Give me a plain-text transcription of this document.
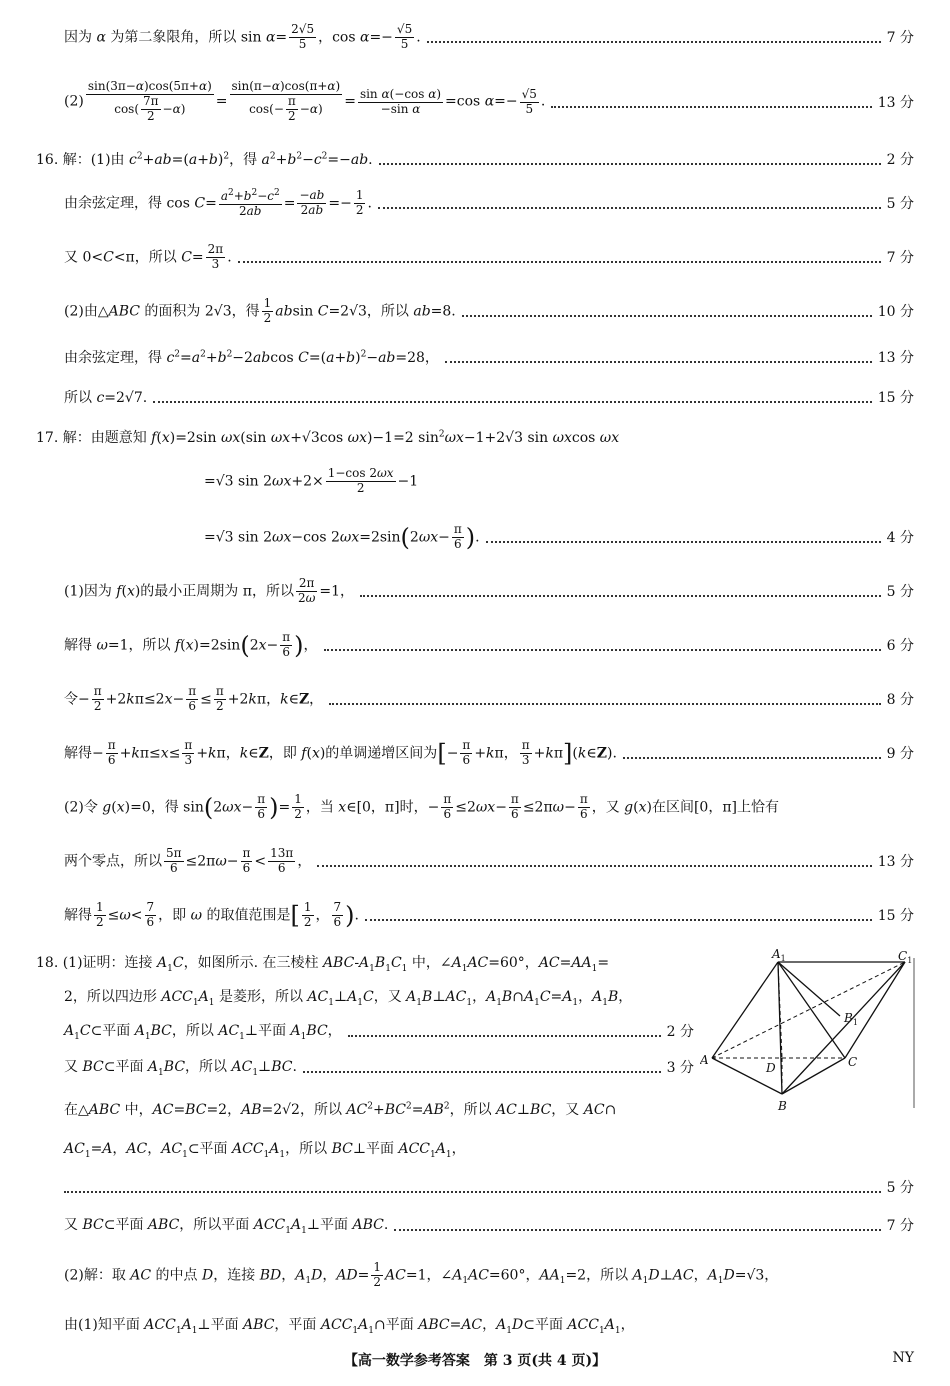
因为 α 为第二象限角，所以 $\sin \alpha= \frac{2√5}{5}$ ，$\cos \alpha=- \frac{√5}{5}$ .	7 分
$(2) \frac{\sin(3\pi-\alpha)\cos(5\pi+\alpha)}{\cos( \frac{7\pi}{2} -\alpha)} = \frac{\sin(\pi-\alpha)\cos(\pi+\alpha)}{\cos(- \frac{\pi}{2} -\alpha)} = \frac{\text{sin α(−cos α)}}{\text{−sin α}} =\cos$ $\alpha=- \frac{√5}{5}$ .	13 分
16. 解：(1)由 $c^2+ab=(a+b)^2$，得 $a^2+b^2-c^2=-ab$.	2 分
由余弦定理，得 $\cos C= \frac{a^2+b^2-c^2}{2ab} = \frac{-ab}{2ab} =- \frac{1}{2}$ .	5 分
又 0<C<π，所以 $C= \frac{2\pi}{3}$ .	7 分
(2)由△ABC 的面积为 2√3，得 $\frac{1}{2}$ absin C=2√3，所以 ab=8.	10 分
由余弦定理，得 $c^2=a^2+b^2-2abcos$ $C=(a+b)^2-ab=28$，	13 分
所以 c=2√7.	15 分
17. 解：由题意知 f(x)=2sin ωx(sin ωx+√3cos ωx)−1=2 $\sin^2\omega x-1+2√3$ sin ωxcos ωx
=√3 $\sin 2\omega x+2\times \frac{1-\cos 2\omega x}{2} -1$
=√3 sin 2ωx−cos $2\omega x=2\sin(2\omega x- \frac{\pi}{6}$ ).	4 分
(1)因为 f(x)的最小正周期为 π，所以 $\frac{2\pi}{2\omega} =1$，	5 分
解得 ω=1，所以 $f(x)=2\sin(2x- \frac{\pi}{6}$ )，	6 分
令− $\frac{\pi}{2} +2k\pi\le 2x- \frac{\pi}{6} \le \frac{\pi}{2} +2k\pi$，k∈Z，	8 分
解得− $\frac{\pi}{6} +k\pi\le x\le \frac{\pi}{3} +k\pi$，k∈Z，即 f(x)的单调递增区间为[− $\frac{\pi}{6} +k\pi$， $\frac{\pi}{3}$ +kπ](k∈Z).	9 分
(2)令 g(x)=0，得 $\sin(2\omega x- \frac{\pi}{6}$ )= $\frac{1}{2}$ ，当 x∈[0，π]时，− $\frac{\pi}{6} \le 2\omega x- \frac{\pi}{6} \le 2\pi\omega- \frac{\pi}{6}$ ，又 g(x)在区间[0，π]上恰有
两个零点，所以 $\frac{5\pi}{6} \le 2\pi\omega- \frac{\pi}{6} < \frac{13\pi}{6}$ ，	13 分
解得 $\frac{1}{2} \le\omega< \frac{7}{6}$ ，即 ω 的取值范围是[ $\frac{1}{2}$ ， $\frac{7}{6}$ ).	15 分
18. (1)证明：连接 $A_1C$，如图所示. 在三棱柱 ABC-$A_1B_1C_1$ 中，$\angle A_1AC=60^\circ$，$AC=AA_1=$
2，所以四边形 $ACC_1A_1$ 是菱形，所以 $AC_1\perp A_1C$，又 $A_1B\perp AC_1$，$A_1B\cap A_1C=A_1$，$A_1B$，
$A_1C\subset$平面 $A_1BC$，所以 $AC_1\perp$平面 $A_1BC$，	2 分
又 BC⊂平面 $A_1BC$，所以 $AC_1\perp BC$.	3 分
在△ABC 中，AC=BC=2，AB=2√2，所以 $AC^2+BC^2=AB^2$，所以 AC⊥BC，又 AC∩
$AC_1=A$，AC，$AC_1\subset$平面 $ACC_1A_1$，所以 BC⊥平面 $ACC_1A_1$，
5 分
又 BC⊂平面 ABC，所以平面 $ACC_1A_1\perp$平面 ABC.	7 分
(2)解：取 AC 的中点 D，连接 BD，$A_1D$，$AD= \frac{1}{2} AC=1$，$\angle A_1AC=60^\circ$，$AA_1=2$，所以 $A_1D\perp AC$，$A_1D=√3$，
由(1)知平面 $ACC_1A_1\perp$平面 ABC，平面 $ACC_1A_1\cap$平面 ABC=AC，$A_1D\subset$平面 $ACC_1A_1$，
$A_1$	$C_1$
$B_1$
A	C
D
B
【高一数学参考答案　第 3 页(共 4 页)】	NY
